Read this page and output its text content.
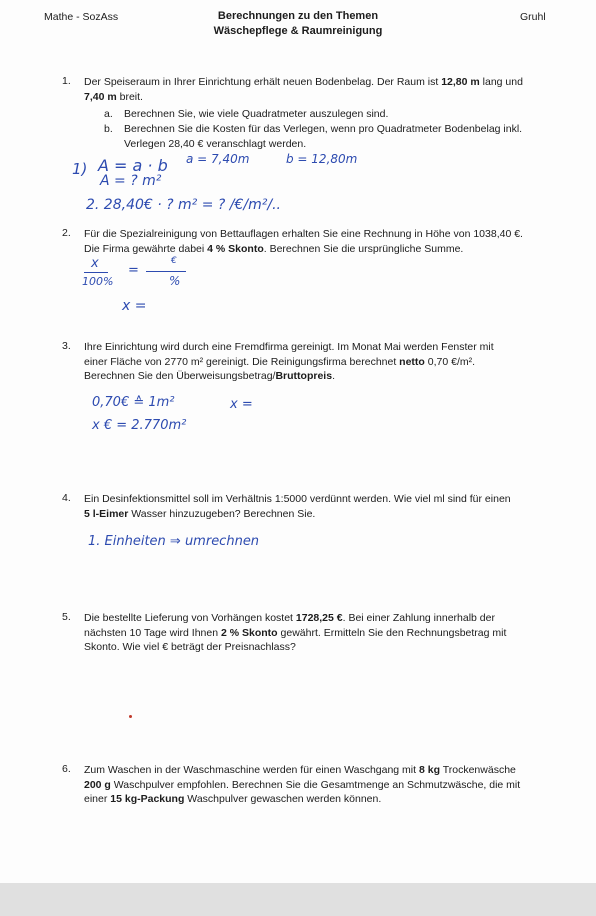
Mathe - SozAss	Berechnungen zu den Themen
Wäschepflege & Raumreinigung
Gruhl
1. Der Speiseraum in Ihrer Einrichtung erhält neuen Bodenbelag. Der Raum ist 12,80 m lang und
7,40 m breit.
a. Berechnen Sie, wie viele Quadratmeter auszulegen sind.
b. Berechnen Sie die Kosten für das Verlegen, wenn pro Quadratmeter Bodenbelag inkl.
Verlegen 28,40 € veranschlagt werden.
1) A = a · b a = 7,40m	b = 12,80m
A = ? m²
2. 28,40€ · ? m² = ? /€/m²/..
2. Für die Spezialreinigung von Bettauflagen erhalten Sie eine Rechnung in Höhe von 1038,40 €.
Die Firma gewährte dabei 4 % Skonto. Berechnen Sie die ursprüngliche Summe.
x
100%
=
€
%
x =
3. Ihre Einrichtung wird durch eine Fremdfirma gereinigt. Im Monat Mai werden Fenster mit
einer Fläche von 2770 m² gereinigt. Die Reinigungsfirma berechnet netto 0,70 €/m².
Berechnen Sie den Überweisungsbetrag/Bruttopreis.
0,70€ ≙ 1m²	x =
x € = 2.770m²
4. Ein Desinfektionsmittel soll im Verhältnis 1:5000 verdünnt werden. Wie viel ml sind für einen
5 l-Eimer Wasser hinzuzugeben? Berechnen Sie.
1. Einheiten ⇒ umrechnen
5. Die bestellte Lieferung von Vorhängen kostet 1728,25 €. Bei einer Zahlung innerhalb der
nächsten 10 Tage wird Ihnen 2 % Skonto gewährt. Ermitteln Sie den Rechnungsbetrag mit
Skonto. Wie viel € beträgt der Preisnachlass?
6. Zum Waschen in der Waschmaschine werden für einen Waschgang mit 8 kg Trockenwäsche
200 g Waschpulver empfohlen. Berechnen Sie die Gesamtmenge an Schmutzwäsche, die mit
einer 15 kg-Packung Waschpulver gewaschen werden können.
